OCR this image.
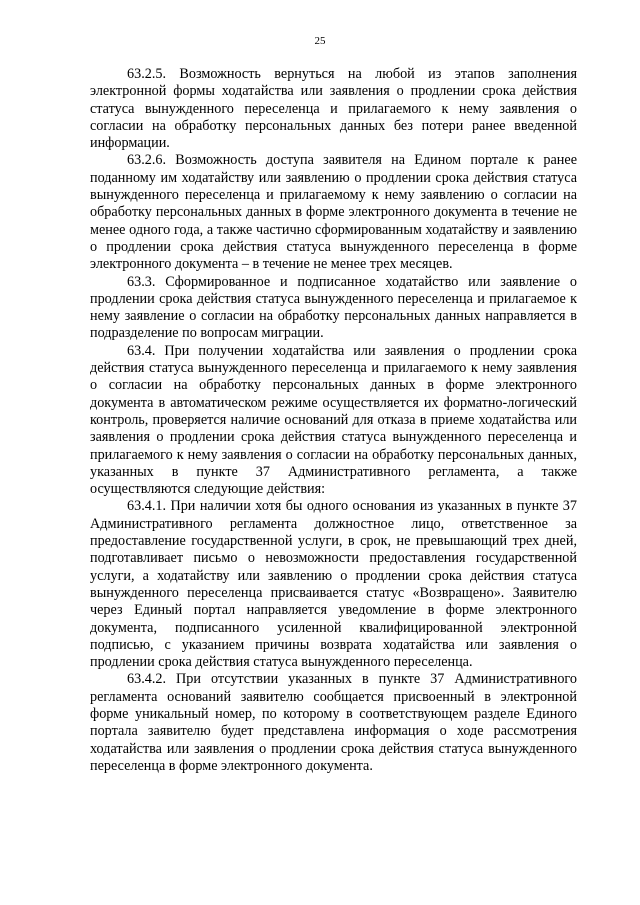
25

63.2.5. Возможность вернуться на любой из этапов заполнения электронной формы ходатайства или заявления о продлении срока действия статуса вынужденного переселенца и прилагаемого к нему заявления о согласии на обработку персональных данных без потери ранее введенной информации.

63.2.6. Возможность доступа заявителя на Едином портале к ранее поданному им ходатайству или заявлению о продлении срока действия статуса вынужденного переселенца и прилагаемому к нему заявлению о согласии на обработку персональных данных в форме электронного документа в течение не менее одного года, а также частично сформированным ходатайству и заявлению о продлении срока действия статуса вынужденного переселенца в форме электронного документа – в течение не менее трех месяцев.

63.3. Сформированное и подписанное ходатайство или заявление о продлении срока действия статуса вынужденного переселенца и прилагаемое к нему заявление о согласии на обработку персональных данных направляется в подразделение по вопросам миграции.

63.4. При получении ходатайства или заявления о продлении срока действия статуса вынужденного переселенца и прилагаемого к нему заявления о согласии на обработку персональных данных в форме электронного документа в автоматическом режиме осуществляется их форматно-логический контроль, проверяется наличие оснований для отказа в приеме ходатайства или заявления о продлении срока действия статуса вынужденного переселенца и прилагаемого к нему заявления о согласии на обработку персональных данных, указанных в пункте 37 Административного регламента, а также осуществляются следующие действия:

63.4.1. При наличии хотя бы одного основания из указанных в пункте 37 Административного регламента должностное лицо, ответственное за предоставление государственной услуги, в срок, не превышающий трех дней, подготавливает письмо о невозможности предоставления государственной услуги, а ходатайству или заявлению о продлении срока действия статуса вынужденного переселенца присваивается статус «Возвращено». Заявителю через Единый портал направляется уведомление в форме электронного документа, подписанного усиленной квалифицированной электронной подписью, с указанием причины возврата ходатайства или заявления о продлении срока действия статуса вынужденного переселенца.

63.4.2. При отсутствии указанных в пункте 37 Административного регламента оснований заявителю сообщается присвоенный в электронной форме уникальный номер, по которому в соответствующем разделе Единого портала заявителю будет представлена информация о ходе рассмотрения ходатайства или заявления о продлении срока действия статуса вынужденного переселенца в форме электронного документа.
